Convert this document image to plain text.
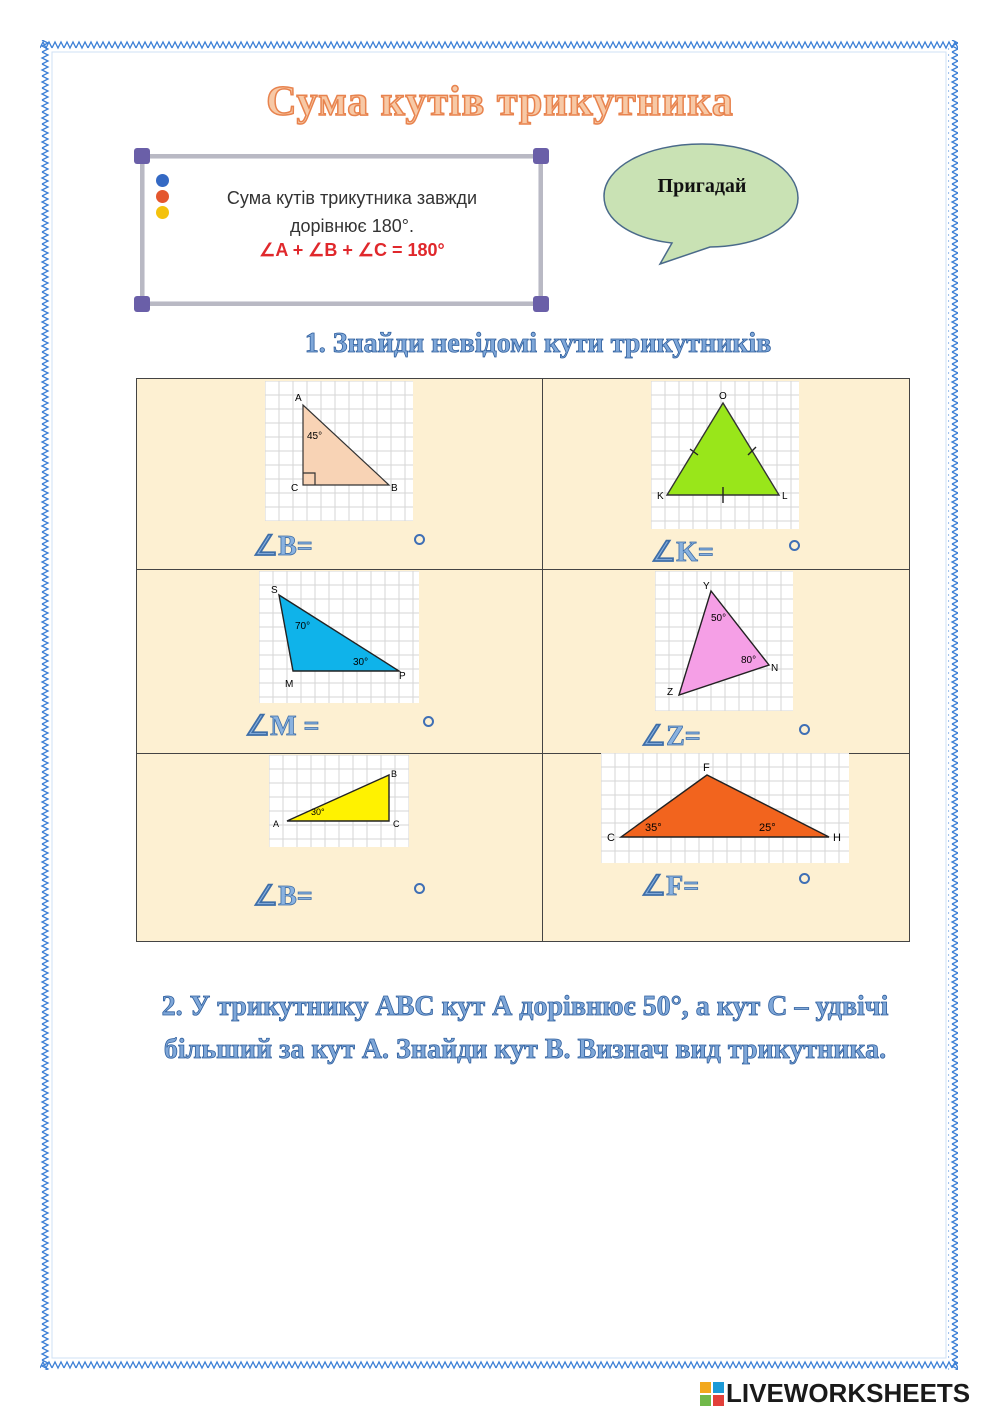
Сума кутів трикутника
Сума кутів трикутника завжди дорівнює 180°.
∠A + ∠B + ∠C = 180°
Пригадай
1. Знайди невідомі кути трикутників
A
C	B
45°
∠B=
O
K	L
∠K=
S
M
P
70°
30°
∠M =
Y
Z
N
50°
80°
∠Z=
A	C
B
30°
∠B=
F
C	H
35°	25°
∠F=
2. У трикутнику АВС кут А дорівнює 50°, а кут С – удвічі
більший за кут А. Знайди кут В. Визнач вид трикутника.
LIVEWORKSHEETS
